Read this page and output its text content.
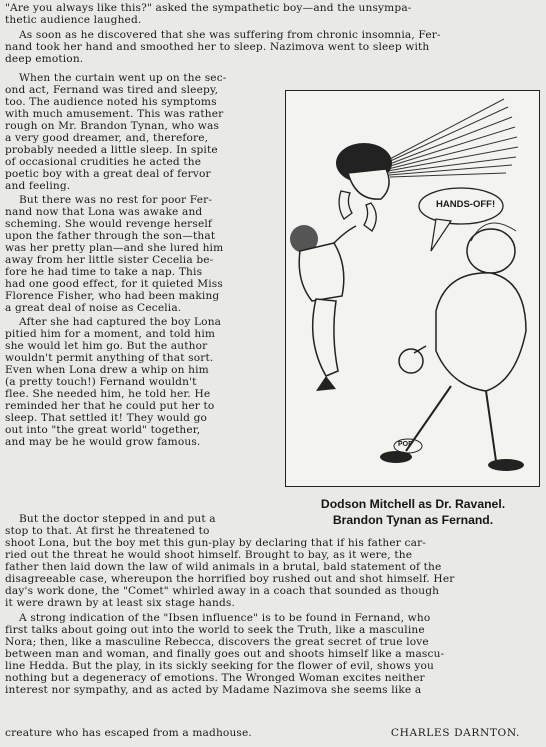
"Are you always like this?" asked the sympathetic boy—and the unsympa-
thetic audience laughed.
As soon as he discovered that she was suffering from chronic insomnia, Fer-
nand took her hand and smoothed her to sleep. Nazimova went to sleep with
deep emotion.
When the curtain went up on the sec-
ond act, Fernand was tired and sleepy,
too. The audience noted his symptoms
with much amusement. This was rather
rough on Mr. Brandon Tynan, who was
a very good dreamer, and, therefore,
probably needed a little sleep. In spite
of occasional crudities he acted the
poetic boy with a great deal of fervor
and feeling.
But there was no rest for poor Fer-
nand now that Lona was awake and
scheming. She would revenge herself
upon the father through the son—that
was her pretty plan—and she lured him
away from her little sister Cecelia be-
fore he had time to take a nap. This
had one good effect, for it quieted Miss
Florence Fisher, who had been making
a great deal of noise as Cecelia.
After she had captured the boy Lona
pitied him for a moment, and told him
she would let him go. But the author
wouldn't permit anything of that sort.
Even when Lona drew a whip on him
(a pretty touch!) Fernand wouldn't
flee. She needed him, he told her. He
reminded her that he could put her to
sleep. That settled it! They would go
out into "the great world" together,
and may be he would grow famous.
But the doctor stepped in and put a
stop to that. At first he threatened to
shoot Lona, but the boy met this gun-play by declaring that if his father car-
ried out the threat he would shoot himself. Brought to bay, as it were, the
father then laid down the law of wild animals in a brutal, bald statement of the
disagreeable case, whereupon the horrified boy rushed out and shot himself. Her
day's work done, the "Comet" whirled away in a coach that sounded as though
it were drawn by at least six stage hands.
A strong indication of the "Ibsen influence" is to be found in Fernand, who
first talks about going out into the world to seek the Truth, like a masculine
Nora; then, like a masculine Rebecca, discovers the great secret of true love
between man and woman, and finally goes out and shoots himself like a mascu-
line Hedda. But the play, in its sickly seeking for the flower of evil, shows you
nothing but a degeneracy of emotions. The Wronged Woman excites neither
interest nor sympathy, and as acted by Madame Nazimova she seems like a
creature who has escaped from a madhouse.	CHARLES DARNTON.
HANDS-OFF!
POP
Dodson Mitchell as Dr. Ravanel.
Brandon Tynan as Fernand.
